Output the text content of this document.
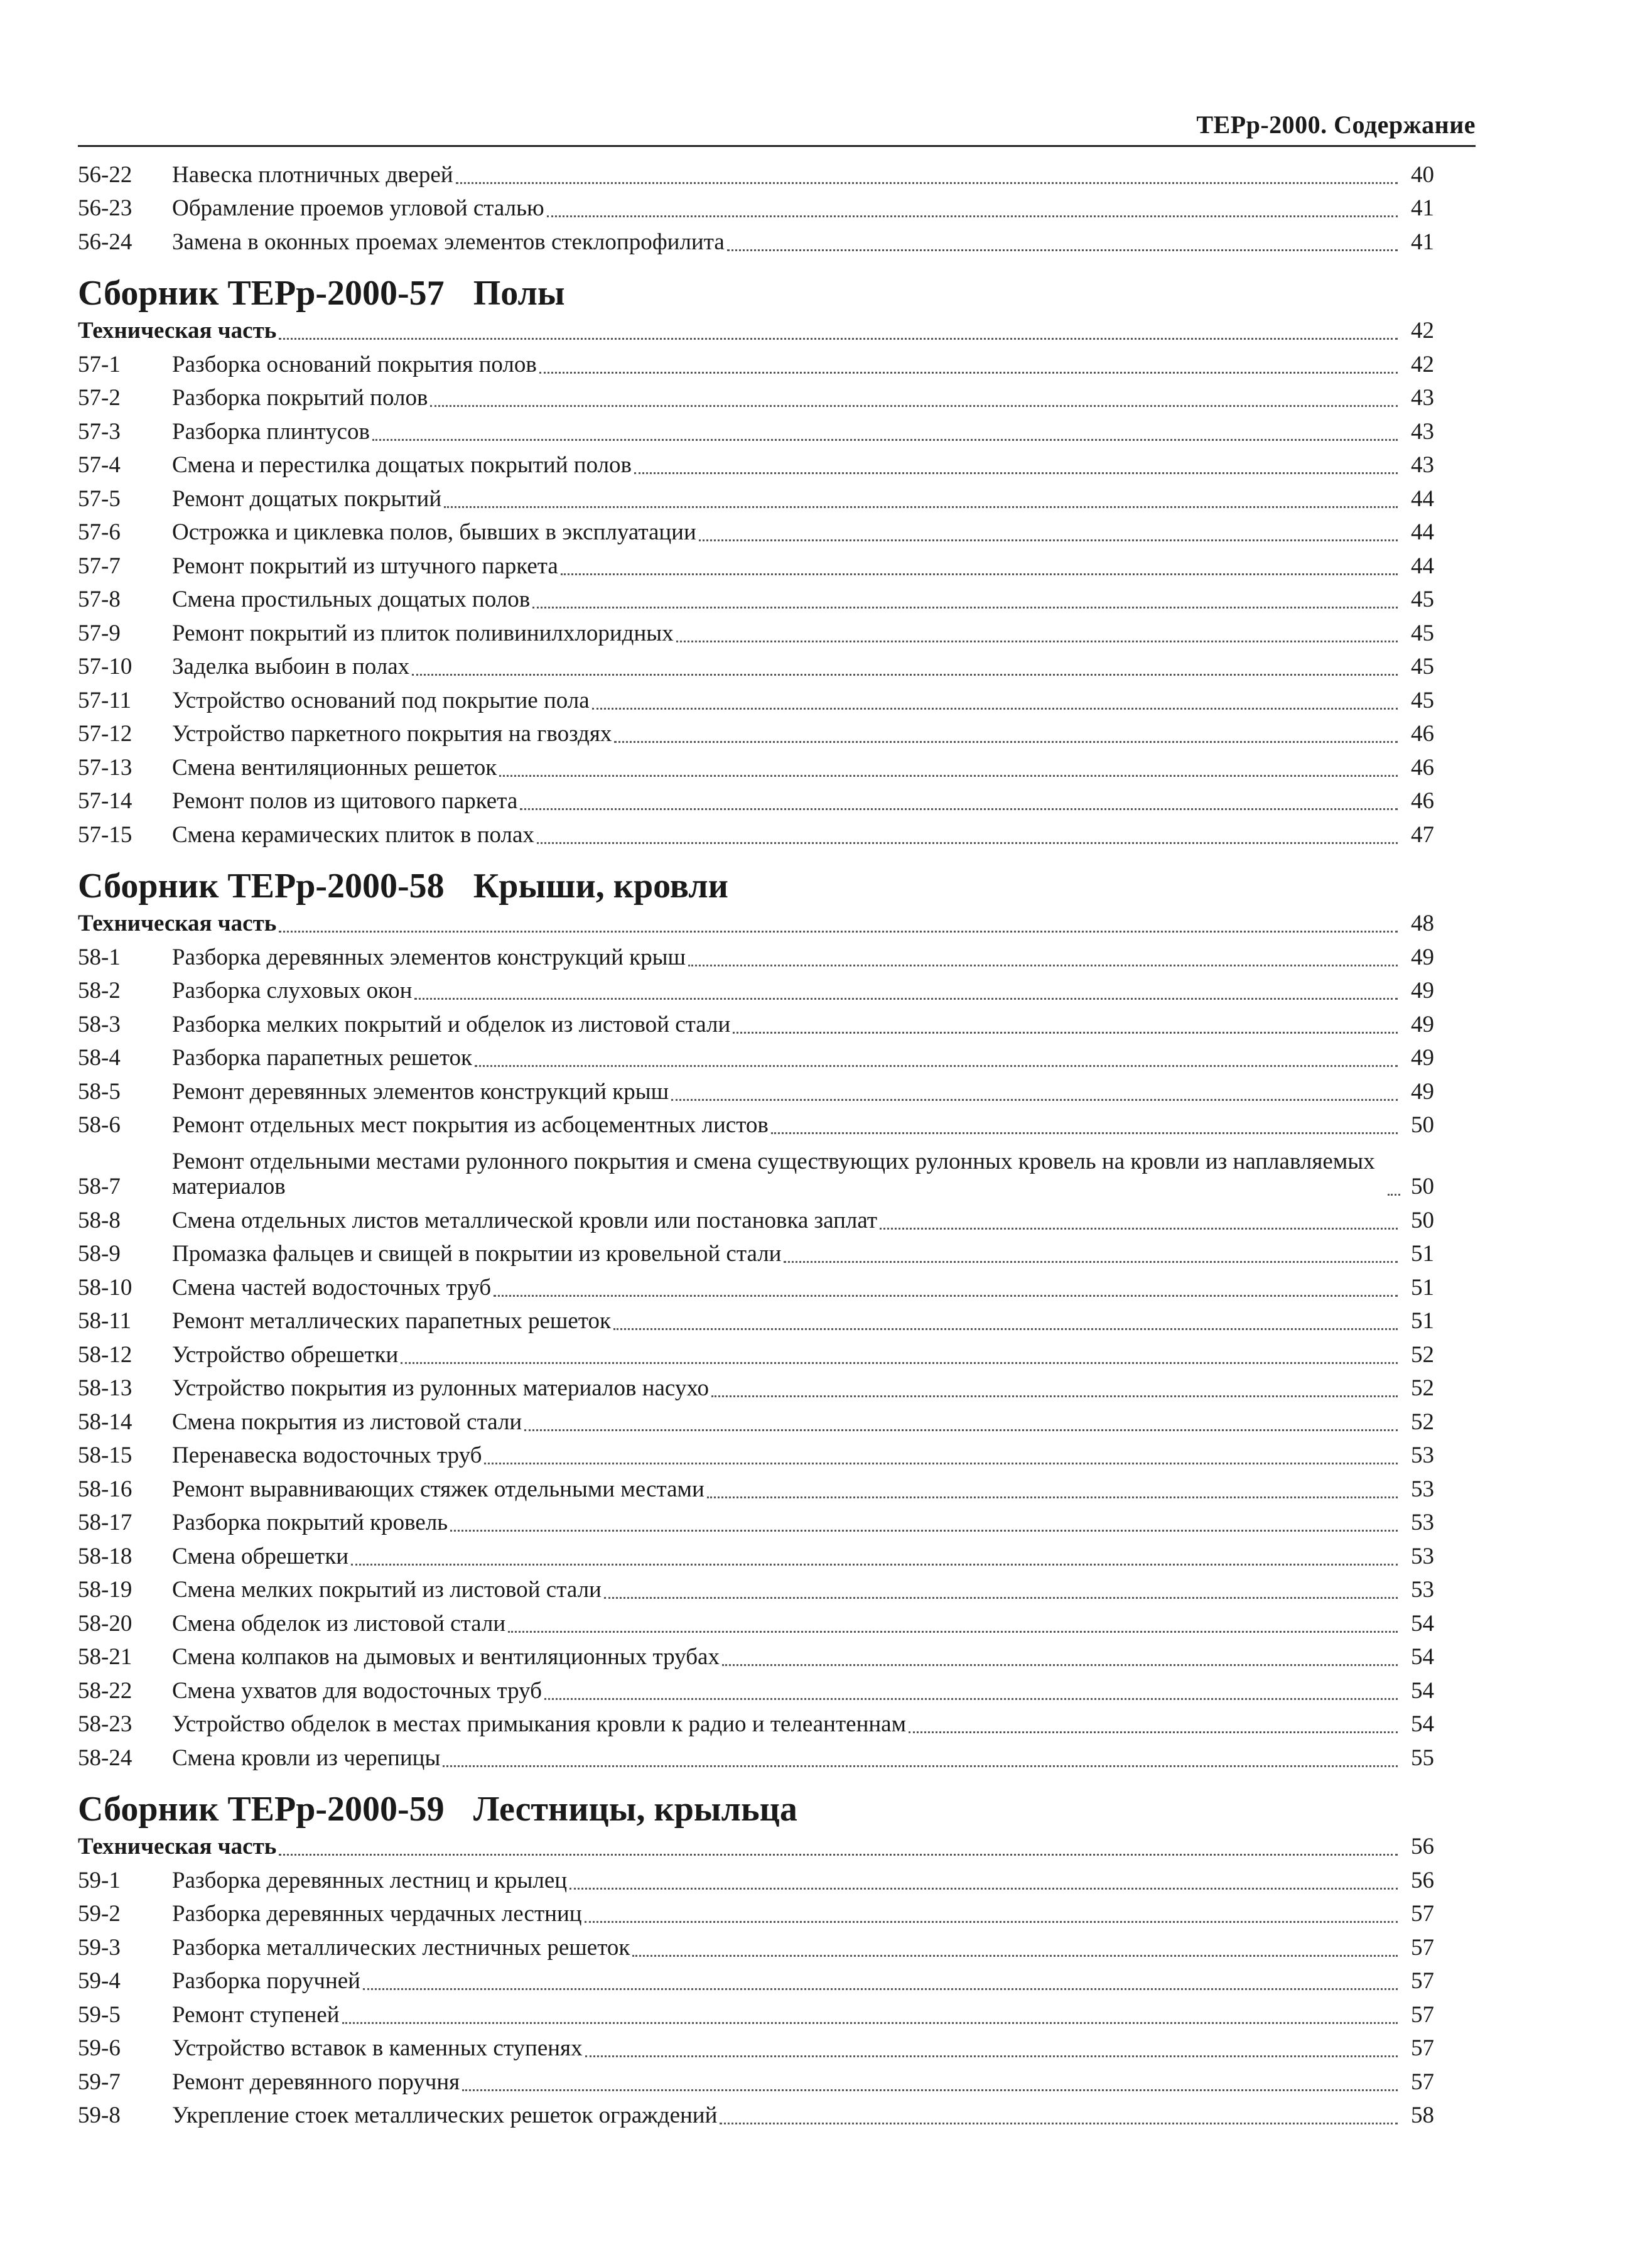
ТЕРр-2000. Содержание
56-22	Навеска плотничных дверей	40
56-23	Обрамление проемов угловой сталью	41
56-24	Замена в оконных проемах элементов стеклопрофилита	41
Сборник ТЕРр-2000-57 Полы
Техническая часть	42
57-1	Разборка оснований покрытия полов	42
57-2	Разборка покрытий полов	43
57-3	Разборка плинтусов	43
57-4	Смена и перестилка дощатых покрытий полов	43
57-5	Ремонт дощатых покрытий	44
57-6	Острожка и циклевка полов, бывших в эксплуатации	44
57-7	Ремонт покрытий из штучного паркета	44
57-8	Смена простильных дощатых полов	45
57-9	Ремонт покрытий из плиток поливинилхлоридных	45
57-10	Заделка выбоин в полах	45
57-11	Устройство оснований под покрытие пола	45
57-12	Устройство паркетного покрытия на гвоздях	46
57-13	Смена вентиляционных решеток	46
57-14	Ремонт полов из щитового паркета	46
57-15	Смена керамических плиток в полах	47
Сборник ТЕРр-2000-58 Крыши, кровли
Техническая часть	48
58-1	Разборка деревянных элементов конструкций крыш	49
58-2	Разборка слуховых окон	49
58-3	Разборка мелких покрытий и обделок из листовой стали	49
58-4	Разборка парапетных решеток	49
58-5	Ремонт деревянных элементов конструкций крыш	49
58-6	Ремонт отдельных мест покрытия из асбоцементных листов	50
58-7
Ремонт отдельными местами рулонного покрытия и смена существующих рулонных кровель на кровли из наплавляемых материалов	50
58-8	Смена отдельных листов металлической кровли или постановка заплат	50
58-9	Промазка фальцев и свищей в покрытии из кровельной стали	51
58-10	Смена частей водосточных труб	51
58-11	Ремонт металлических парапетных решеток	51
58-12	Устройство обрешетки	52
58-13	Устройство покрытия из рулонных материалов насухо	52
58-14	Смена покрытия из листовой стали	52
58-15	Перенавеска водосточных труб	53
58-16	Ремонт выравнивающих стяжек отдельными местами	53
58-17	Разборка покрытий кровель	53
58-18	Смена обрешетки	53
58-19	Смена мелких покрытий из листовой стали	53
58-20	Смена обделок из листовой стали	54
58-21	Смена колпаков на дымовых и вентиляционных трубах	54
58-22	Смена ухватов для водосточных труб	54
58-23	Устройство обделок в местах примыкания кровли к радио и телеантеннам	54
58-24	Смена кровли из черепицы	55
Сборник ТЕРр-2000-59 Лестницы, крыльца
Техническая часть	56
59-1	Разборка деревянных лестниц и крылец	56
59-2	Разборка деревянных чердачных лестниц	57
59-3	Разборка металлических лестничных решеток	57
59-4	Разборка поручней	57
59-5	Ремонт ступеней	57
59-6	Устройство вставок в каменных ступенях	57
59-7	Ремонт деревянного поручня	57
59-8	Укрепление стоек металлических решеток ограждений	58
